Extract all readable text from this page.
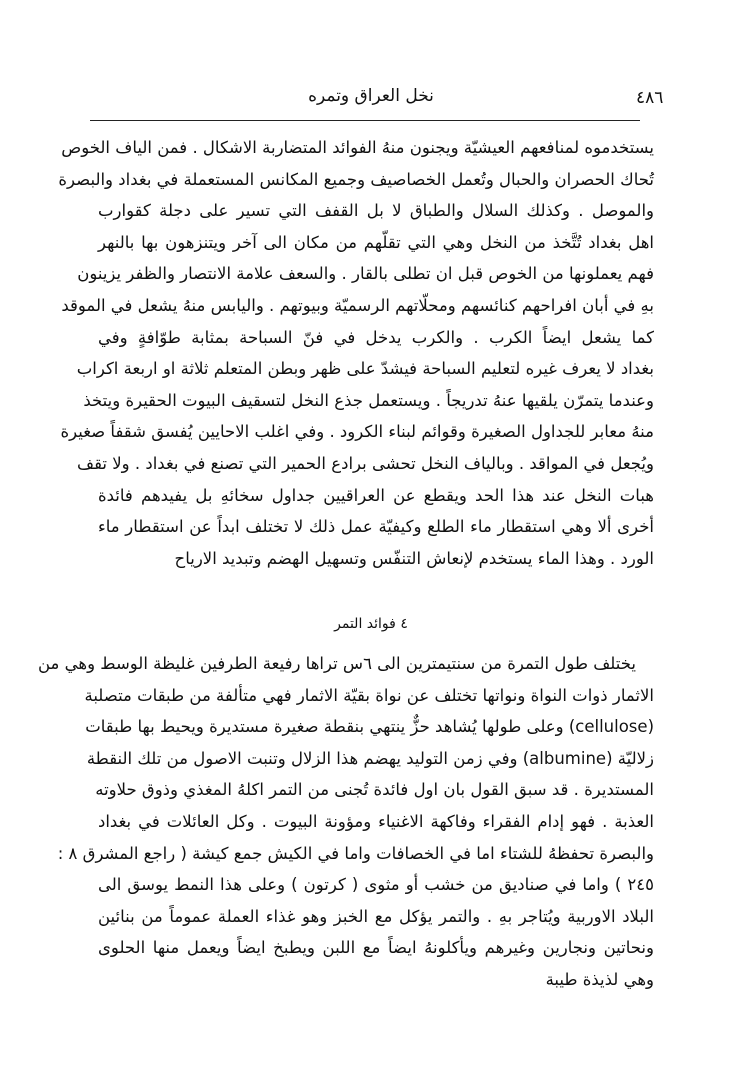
٤٨٦
نخل العراق وتمره
يستخدموه لمنافعهم العيشيّة ويجنون منهُ الفوائد المتضاربة الاشكال . فمن الياف الخوص
تُحاك الحصران والحبال وتُعمل الخصاصيف وجميع المكانس المستعملة في بغداد والبصرة
والموصل . وكذلك السلال والطباق لا بل القفف التي تسير على دجلة كقوارب
اهل بغداد تُتَّخذ من النخل وهي التي تقلّهم من مكان الى آخر ويتنزهون بها بالنهر
فهم يعملونها من الخوص قبل ان تطلى بالقار . والسعف علامة الانتصار والظفر يزينون
بهِ في أبان افراحهم كنائسهم ومحلّاتهم الرسميّة وبيوتهم . واليابس منهُ يشعل في الموقد
كما يشعل ايضاً الكرب . والكرب يدخل في فنّ السباحة بمثابة طوّافةٍ وفي
بغداد لا يعرف غيره لتعليم السباحة فيشدّ على ظهر وبطن المتعلم ثلاثة او اربعة اكراب
وعندما يتمرّن يلقيها عنهُ تدريجاً . ويستعمل جذع النخل لتسقيف البيوت الحقيرة ويتخذ
منهُ معابر للجداول الصغيرة وقوائم لبناء الكرود . وفي اغلب الاحايين يُفسق شقفاً صغيرة
ويُجعل في المواقد . وبالياف النخل تحشى برادع الحمير التي تصنع في بغداد . ولا تقف
هبات النخل عند هذا الحد ويقطع عن العراقيين جداول سخائهِ بل يفيدهم فائدة
أخرى ألا وهي استقطار ماء الطلع وكيفيّة عمل ذلك لا تختلف ابداً عن استقطار ماء
الورد . وهذا الماء يستخدم لإنعاش التنفّس وتسهيل الهضم وتبديد الارياح
٤ فوائد التمر
يختلف طول التمرة من سنتيمترين الى ٦س تراها رفيعة الطرفين غليظة الوسط وهي من
الاثمار ذوات النواة ونواتها تختلف عن نواة بقيّة الاثمار فهي متألفة من طبقات متصلبة
(cellulose) وعلى طولها يُشاهد حزٌّ ينتهي بنقطة صغيرة مستديرة ويحيط بها طبقات
زلاليّة (albumine) وفي زمن التوليد يهضم هذا الزلال وتنبت الاصول من تلك النقطة
المستديرة . قد سبق القول بان اول فائدة تُجنى من التمر اكلهُ المغذي وذوق حلاوته
العذبة . فهو إدام الفقراء وفاكهة الاغنياء ومؤونة البيوت . وكل العائلات في بغداد
والبصرة تحفظهُ للشتاء اما في الخصافات واما في الكيش جمع كيشة ( راجع المشرق ٨ :
٢٤٥ ) واما في صناديق من خشب أو مثوى ( كرتون ) وعلى هذا النمط يوسق الى
البلاد الاوربية ويُتاجر بهِ . والتمر يؤكل مع الخبز وهو غذاء العملة عموماً من بنائين
ونحاتين ونجارين وغيرهم ويأكلونهُ ايضاً مع اللبن ويطبخ ايضاً ويعمل منها الحلوى
وهي لذيذة طيبة
